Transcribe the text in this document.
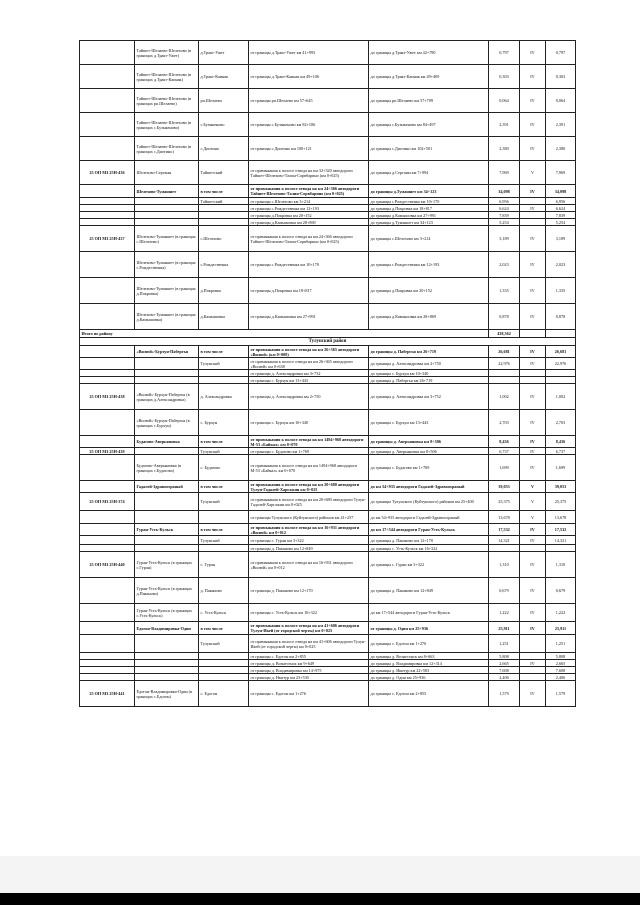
	Тайшет-Шелаево-Шелехово (в границах д.Тракт-Ужет)	д.Тракт-Ужет	от границы д.Тракт-Ужет км 41+993	до границы д.Тракт-Ужет км 42+790	0,797	IV	0,797
	Тайшет-Шелаево-Шелехово (в границах д.Тракт-Каинак)	д.Тракт-Каинак	от границы д.Тракт-Каинак км 49+106	до границы д.Тракт-Каинак км 49+409	0,303	IV	0,303
	Тайшет-Шелаево-Шелехово (в границах рп.Шелаево)	рп.Шелаево	от границы рп.Шелаево км 57+645	до границы рп.Шелаево км 57+709	0,064	IV	0,064
	Тайшет-Шелаево-Шелехово (в границах с.Бузыкеново)	с.Бузыкеново	от границы с.Бузыкеново км 82+106	до границы с.Бузыкеново км 84+497	2,391	IV	2,391
	Тайшет-Шелаево-Шелехово (в границах с.Диотино)	с.Диотино	от границы с.Диотино км 100+121	до границы с.Диотино км 102+501	2,380	IV	2,380
25 ОП МЗ 25Н-436	Шелехово-Серганы	Тайшетский	от примыкания к полосе отвода на км 32+320 автодороги Тайшет-Шелехово-Талин-Сорвбарино (км 0+025)	до границы д.Серганы км 7+994	7,969	V	7,969
	Шелехово-Туманшет	в том числе	от примыкания к полосе отвода на км 24+366 автодороги Тайшет-Шелехово-Талин-Сорвбарино (км 0+025)	до границы д.Туманшет км 34+123	34,098	IV	34,098
		Тайшетский	от границы с.Шелехово км 3+214	до границы с.Рождественка км 10+170	6,956		6,956
			от границы с.Рождественка км 12+193	до границы д.Покровка км 18+817	6,624	IV	6,624
			от границы д.Покровка км 20+152	до границы д.Камышовка км 27+991	7,839		7,839
			от границы д.Камышовка км 28+869	до границы д.Туманшет км 34+123	5,254		5,254
25 ОП МЗ 25Н-437	Шелехово-Туманшет (в границах с.Шелехово)	с.Шелехово	от примыкания к полосе отвода на км 24+366 автодороги Тайшет-Шелехово-Талин-Сорвбарино (км 0+025)	до границы с.Шелехово км 3+214	3,189	IV	3,189
	Шелехово-Туманшет (в границах с.Рождественка)	с.Рождественка	от границы с.Рождественка км 10+170	до границы с.Рождественка км 12+193	2,023	IV	2,023
	Шелехово-Туманшет (в границах д.Покровка)	д.Покровка	от границы д.Покровка км 18+817	до границы д.Покровка км 20+152	1,335	IV	1,335
	Шелехово-Туманшет (в границах д.Камышовка)	д.Камышовка	от границы д.Камышовка км 27+991	до границы д.Камышовка км 28+869	0,878	IV	0,878
Итого по району					438,362		
Тулунский район							
	«Вилюй»-Бурхун-Пабергья	в том числе	от примыкания к полосе отвода на км 26+365 автодороги «Вилюй» (км 0+008)	до границы д. Пабергья км 26+719	26,681	IV	26,681
		Тулунский	от примыкания к полосе отвода на км 26+365 автодороги «Вилюй» км 0+638	до границы д. Александровка км 2+750	22,976	IV	22,976
			от границы д. Александровка км 3+732	до границы с. Бурхун км 10+340			
			от границы с. Бурхун км 13+443	до границы д. Пабергья км 26+719			
25 ОП МЗ 25Н-438	«Вилюй»-Бурхун-Пабергья (в границах д.Александровка)	д. Александровка	от границы д. Александровка км 2+750	до границы д. Александровка км 3+752	1,002	IV	1,002
	«Вилюй»-Бурхун-Пабергья (в границах с.Бурхун)	с. Бурхун	от границы с. Бурхун км 10+340	до границы с. Бурхун км 13+443	2,703	IV	2,703
	Будагово-Аверьяновка	в том числе	от примыкания к полосе отвода на км 1494+968 автодороги М-53 «Байкал» км 0+070	до границы д. Аверьяновка км 8+506	8,436	IV	8,436
25 ОП МЗ 25Н-439		Тулунский	от границы с. Будагово км 1+769	до границы д. Аверьяновка км 8+506	6,737	IV	6,737
	Будагово-Аверьяновка (в границах с.Будагово)	с. Будагово	от примыкания к полосе отвода на км 1494+968 автодороги М-53 «Байкал» км 0+070	до границы с. Будагово км 1+769	1,699	IV	1,699
	Гадалей-Здравоохраный	в том числе	от примыкания к полосе отвода на км 20+680 автодороги Тулун-Гадалей-Харгажин км 0+025	до км 54+935 автодороги Гадалей-Здравоохраный	39,053	V	39,053
25 ОП МЗ 25Н-374		Тулунский	от примыкания к полосе отвода на км 20+680 автодороги Тулун-Гадалей-Харгажин км 0+025	до границы Тулунского (Куйтунского) районов км 25+400	25,375	V	25,375
			от границы Тулунского (Куйтунского) районов км 41+257	до км 54+935 автодороги Гадалей-Здравоохраный	13,678	V	13,678
	Гуран-Усть-Кульск	в том числе	от примыкания к полосе отвода на км 16+931 автодороги «Вилюй» км 0+012	до км 17+544 автодороги Гуран-Усть-Кульск	17,532	IV	17,532
		Тулунский	от границы с. Гуран км 3+322	до границы д. Паканово км 12+170	14,321	IV	14,321
			от границы д. Паканово км 12+849	до границы с. Усть-Кульск км 16+322			
25 ОП МЗ 25Н-440	Гуран-Усть-Кульск (в границах с.Гуран)	с. Гуран	от примыкания к полосе отвода на км 16+931 автодороги «Вилюй» км 0+012	до границы с. Гуран км 3+322	1,310	IV	1,310
	Гуран-Усть-Кульск (в границах д.Паканово)	д. Паканово	от границы д. Паканово км 12+170	до границы д. Паканово км 12+849	0,679	IV	0,679
	Гуран-Усть-Кульск (в границах с.Усть-Кульск)	с. Усть-Кульск	от границы с. Усть-Кульск км 16+322	до км 17+544 автодороги Гуран-Усть-Кульск	1,222	IV	1,222
	Едогон-Владимировка-Один	в том числе	от примыкания к полосе отвода на км 41+606 автодороги Тулун-Икей (от городской черты) км 0+025	от границы д. Один км 25+936	25,911	IV	25,911
		Тулунский	от примыкания к полосе отвода на км 41+606 автодороги Тулун-Икей (от городской черты) км 0+025	до границы с. Едогон км 1+276	1,251		1,251
			от границы с. Едогон км 2+855	до границы д. Вознесенск км 8+663	5,808		5,808
			от границы д. Вознесенск км 9+649	до границы д. Владимировка км 12+314	2,665	IV	2,665
			от границы д. Владимировка км 14+975	до границы д. Икитур км 22+583	7,608		7,608
			от границы д. Икитур км 23+530	до границы д. Один км 25+936	2,406		2,406
25 ОП МЗ 25Н-441	Едогон-Владимировка-Один (в границах с.Едогон)	с. Едогон	от границы с. Едогон км 1+276	до границы с. Едогон км 2+855	1,579	IV	1,579
